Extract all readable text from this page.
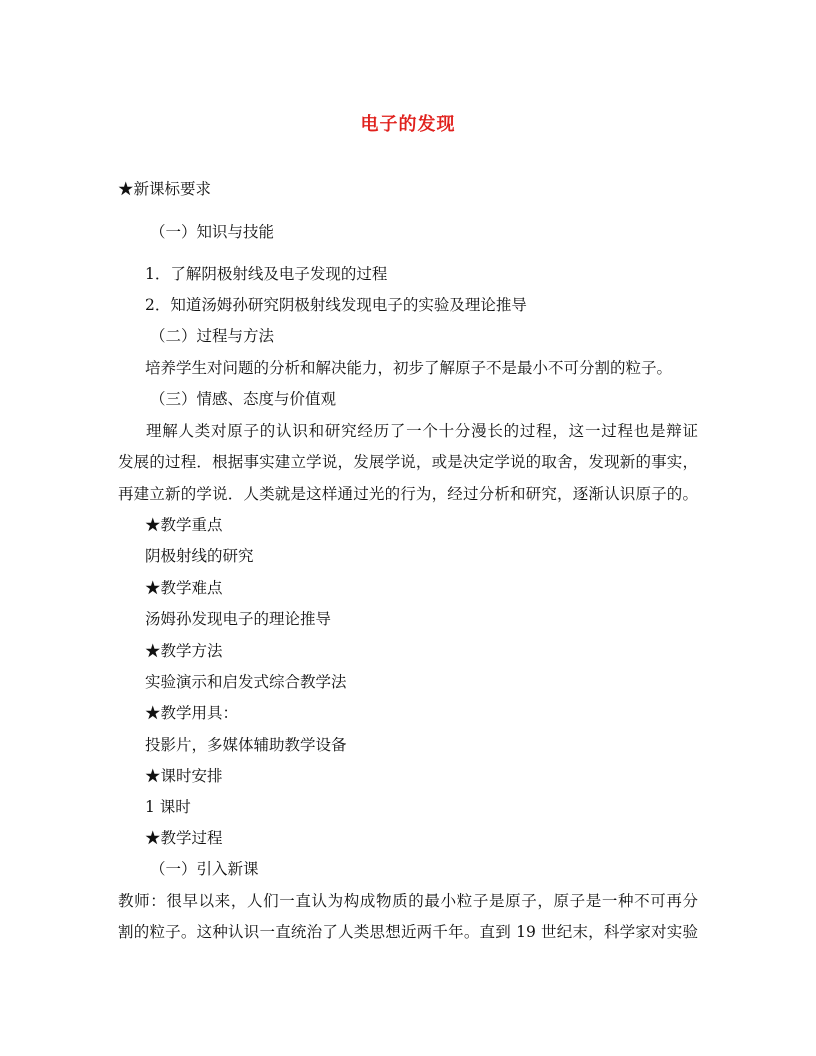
电子的发现
★新课标要求
（一）知识与技能
1．了解阴极射线及电子发现的过程
2．知道汤姆孙研究阴极射线发现电子的实验及理论推导
（二）过程与方法
培养学生对问题的分析和解决能力，初步了解原子不是最小不可分割的粒子。
（三）情感、态度与价值观
理解人类对原子的认识和研究经历了一个十分漫长的过程，这一过程也是辩证
发展的过程．根据事实建立学说，发展学说，或是决定学说的取舍，发现新的事实，
再建立新的学说．人类就是这样通过光的行为，经过分析和研究，逐渐认识原子的。
★教学重点
阴极射线的研究
★教学难点
汤姆孙发现电子的理论推导
★教学方法
实验演示和启发式综合教学法
★教学用具：
投影片，多媒体辅助教学设备
★课时安排
1 课时
★教学过程
（一）引入新课
教师：很早以来，人们一直认为构成物质的最小粒子是原子，原子是一种不可再分
割的粒子。这种认识一直统治了人类思想近两千年。直到 19 世纪末，科学家对实验
